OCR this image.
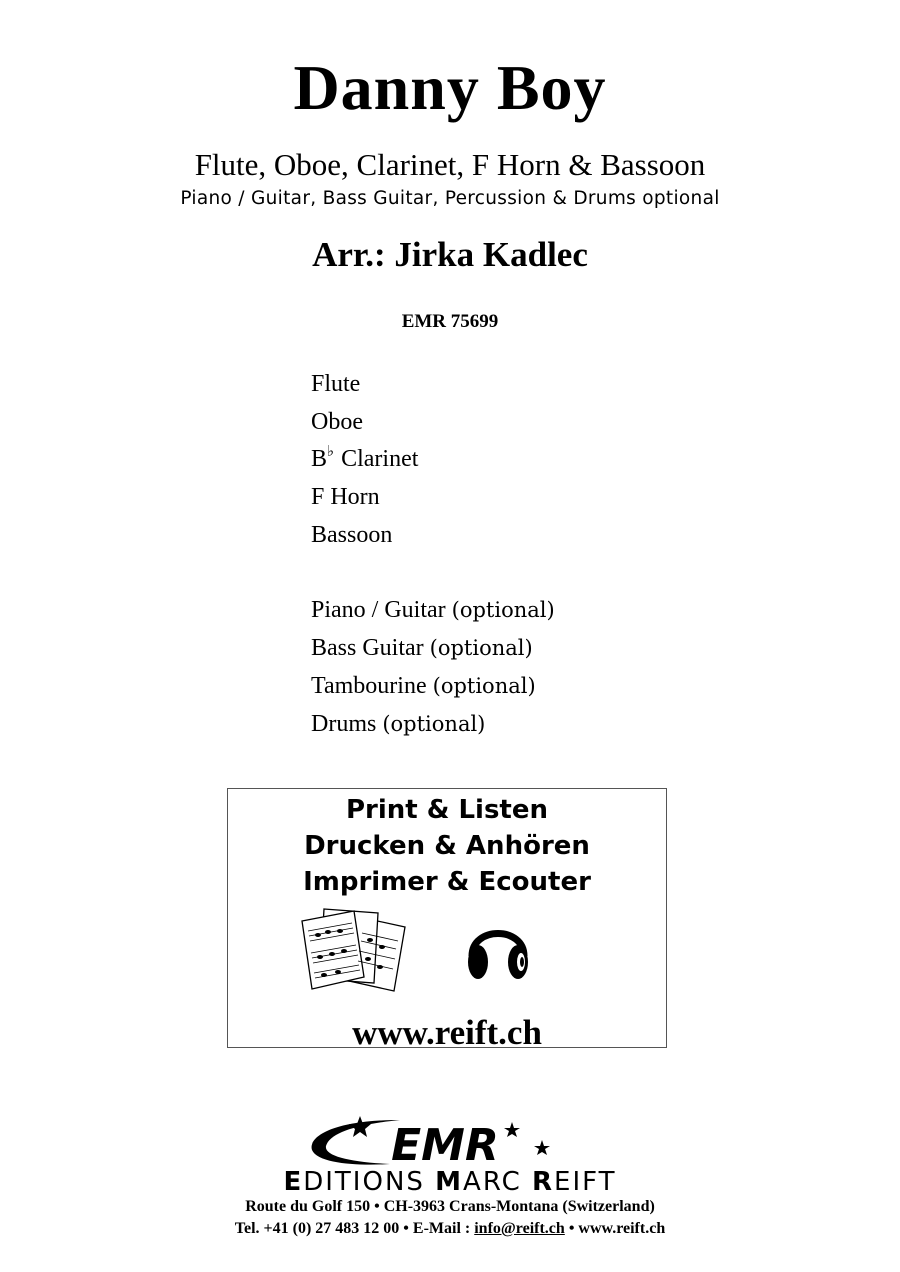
Danny Boy
Flute, Oboe, Clarinet, F Horn & Bassoon
Piano / Guitar, Bass Guitar, Percussion & Drums optional
Arr.: Jirka Kadlec
EMR 75699
Flute
Oboe
B♭ Clarinet
F Horn
Bassoon
Piano / Guitar (optional)
Bass Guitar (optional)
Tambourine (optional)
Drums (optional)
Print & Listen
Drucken & Anhören
Imprimer & Ecouter
www.reift.ch
EMR
EDITIONS MARC REIFT
Route du Golf 150 • CH-3963 Crans-Montana (Switzerland)
Tel. +41 (0) 27 483 12 00 • E-Mail : info@reift.ch • www.reift.ch
